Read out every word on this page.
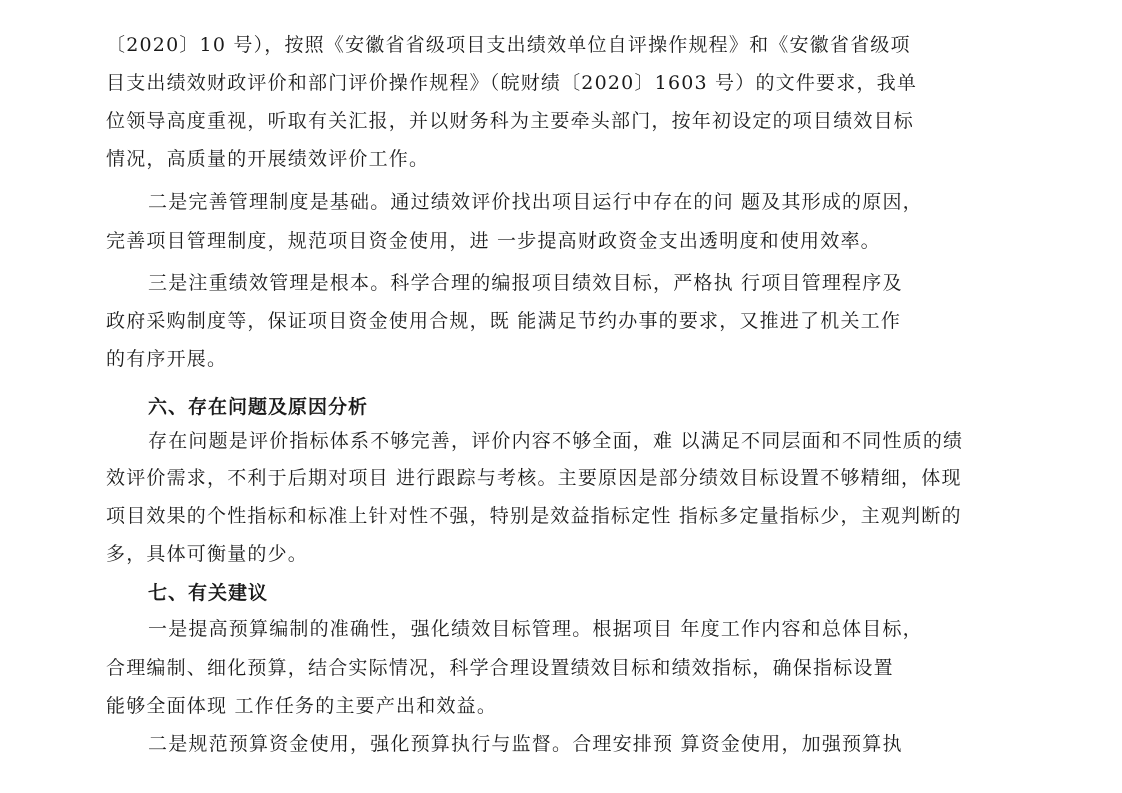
〔2020〕10 号），按照《安徽省省级项目支出绩效单位自评操作规程》和《安徽省省级项
目支出绩效财政评价和部门评价操作规程》（皖财绩〔2020〕1603 号）的文件要求，我单
位领导高度重视，听取有关汇报，并以财务科为主要牵头部门，按年初设定的项目绩效目标
情况，高质量的开展绩效评价工作。
二是完善管理制度是基础。通过绩效评价找出项目运行中存在的问 题及其形成的原因，
完善项目管理制度，规范项目资金使用，进 一步提高财政资金支出透明度和使用效率。
三是注重绩效管理是根本。科学合理的编报项目绩效目标，严格执 行项目管理程序及
政府采购制度等，保证项目资金使用合规，既 能满足节约办事的要求，又推进了机关工作
的有序开展。
六、存在问题及原因分析
存在问题是评价指标体系不够完善，评价内容不够全面，难 以满足不同层面和不同性质的绩
效评价需求，不利于后期对项目 进行跟踪与考核。主要原因是部分绩效目标设置不够精细，体现
项目效果的个性指标和标准上针对性不强，特别是效益指标定性 指标多定量指标少，主观判断的
多，具体可衡量的少。
七、有关建议
一是提高预算编制的准确性，强化绩效目标管理。根据项目 年度工作内容和总体目标，
合理编制、细化预算，结合实际情况，科学合理设置绩效目标和绩效指标，确保指标设置
能够全面体现 工作任务的主要产出和效益。
二是规范预算资金使用，强化预算执行与监督。合理安排预 算资金使用，加强预算执
